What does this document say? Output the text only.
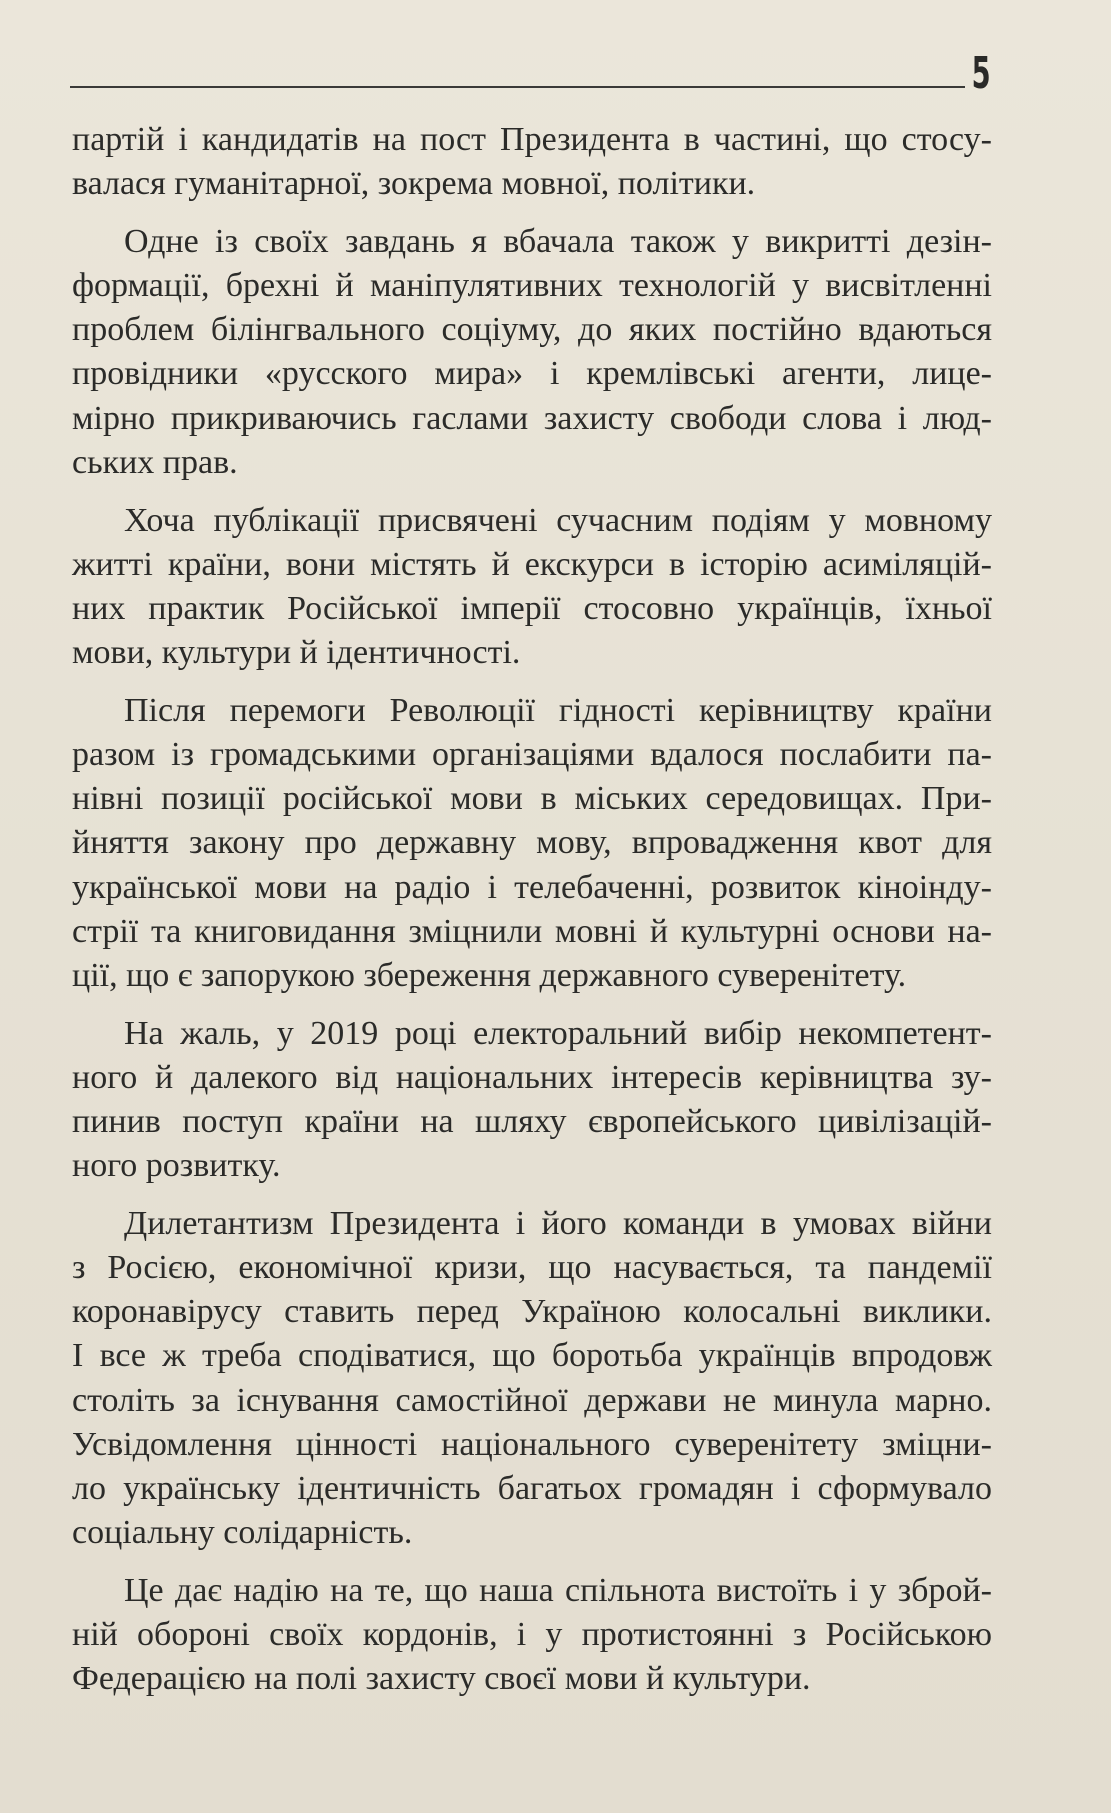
5

партій і кандидатів на пост Президента в частині, що стосу-

валася гуманітарної, зокрема мовної, політики.

Одне із своїх завдань я вбачала також у викритті дезін-

формації, брехні й маніпулятивних технологій у висвітленні

проблем білінгвального соціуму, до яких постійно вдаються

провідники «русского мира» і кремлівські агенти, лицe-

мірно прикриваючись гаслами захисту свободи слова і люд-

ських прав.

Хоча публікації присвячені сучасним подіям у мовному

житті країни, вони містять й екскурси в історію асиміляцій-

них практик Російської імперії стосовно українців, їхньої

мови, культури й ідентичності.

Після перемоги Революції гідності керівництву країни

разом із громадськими організаціями вдалося послабити па-

нівні позиції російської мови в міських середовищах. При-

йняття закону про державну мову, впровадження квот для

української мови на радіо і телебаченні, розвиток кіноінду-

стрії та книговидання зміцнили мовні й культурні основи на-

ції, що є запорукою збереження державного суверенітету.

На жаль, у 2019 році електоральний вибір некомпетент-

ного й далекого від національних інтересів керівництва зу-

пинив поступ країни на шляху європейського цивілізацій-

ного розвитку.

Дилетантизм Президента і його команди в умовах війни

з Росією, економічної кризи, що насувається, та пандемії

коронавірусу ставить перед Україною колосальні виклики.

І все ж треба сподіватися, що боротьба українців впродовж

століть за існування самостійної держави не минула марно.

Усвідомлення цінності національного суверенітету зміцни-

ло українську ідентичність багатьох громадян і сформувало

соціальну солідарність.

Це дає надію на те, що наша спільнота вистоїть і у збрoй-

ній обороні своїх кордонів, і у протистоянні з Російською

Федерацією на полі захисту своєї мови й культури.
